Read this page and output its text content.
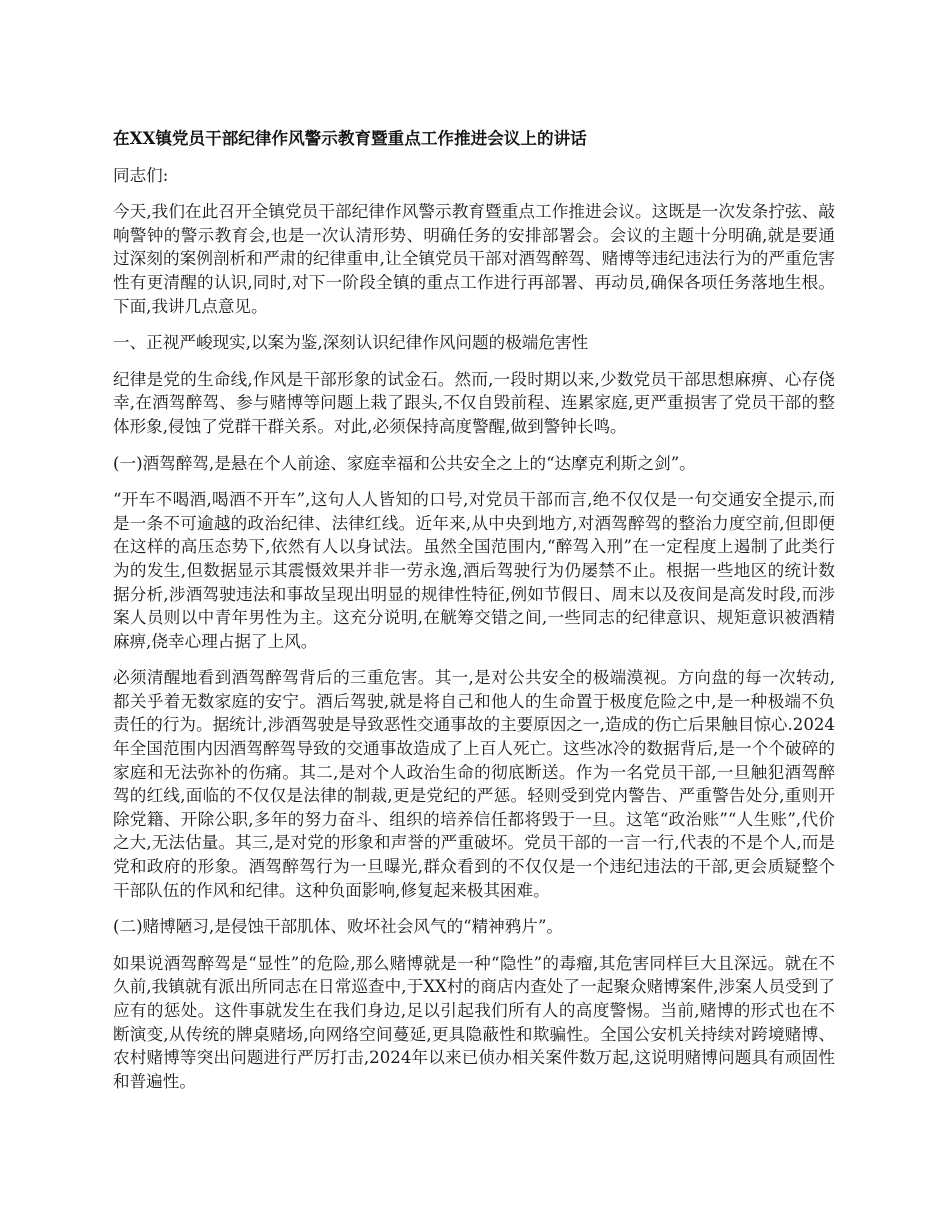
在XX镇党员干部纪律作风警示教育暨重点工作推进会议上的讲话

同志们:

今天,我们在此召开全镇党员干部纪律作风警示教育暨重点工作推进会议。这既是一次发条拧弦、敲响警钟的警示教育会,也是一次认清形势、明确任务的安排部署会。会议的主题十分明确,就是要通过深刻的案例剖析和严肃的纪律重申,让全镇党员干部对酒驾醉驾、赌博等违纪违法行为的严重危害性有更清醒的认识,同时,对下一阶段全镇的重点工作进行再部署、再动员,确保各项任务落地生根。下面,我讲几点意见。

一、正视严峻现实,以案为鉴,深刻认识纪律作风问题的极端危害性

纪律是党的生命线,作风是干部形象的试金石。然而,一段时期以来,少数党员干部思想麻痹、心存侥幸,在酒驾醉驾、参与赌博等问题上栽了跟头,不仅自毁前程、连累家庭,更严重损害了党员干部的整体形象,侵蚀了党群干群关系。对此,必须保持高度警醒,做到警钟长鸣。

(一)酒驾醉驾,是悬在个人前途、家庭幸福和公共安全之上的“达摩克利斯之剑”。

“开车不喝酒,喝酒不开车”,这句人人皆知的口号,对党员干部而言,绝不仅仅是一句交通安全提示,而是一条不可逾越的政治纪律、法律红线。近年来,从中央到地方,对酒驾醉驾的整治力度空前,但即便在这样的高压态势下,依然有人以身试法。虽然全国范围内,“醉驾入刑”在一定程度上遏制了此类行为的发生,但数据显示其震慑效果并非一劳永逸,酒后驾驶行为仍屡禁不止。根据一些地区的统计数据分析,涉酒驾驶违法和事故呈现出明显的规律性特征,例如节假日、周末以及夜间是高发时段,而涉案人员则以中青年男性为主。这充分说明,在觥筹交错之间,一些同志的纪律意识、规矩意识被酒精麻痹,侥幸心理占据了上风。

必须清醒地看到酒驾醉驾背后的三重危害。其一,是对公共安全的极端漠视。方向盘的每一次转动,都关乎着无数家庭的安宁。酒后驾驶,就是将自己和他人的生命置于极度危险之中,是一种极端不负责任的行为。据统计,涉酒驾驶是导致恶性交通事故的主要原因之一,造成的伤亡后果触目惊心.2024年全国范围内因酒驾醉驾导致的交通事故造成了上百人死亡。这些冰冷的数据背后,是一个个破碎的家庭和无法弥补的伤痛。其二,是对个人政治生命的彻底断送。作为一名党员干部,一旦触犯酒驾醉驾的红线,面临的不仅仅是法律的制裁,更是党纪的严惩。轻则受到党内警告、严重警告处分,重则开除党籍、开除公职,多年的努力奋斗、组织的培养信任都将毁于一旦。这笔“政治账”“人生账”,代价之大,无法估量。其三,是对党的形象和声誉的严重破坏。党员干部的一言一行,代表的不是个人,而是党和政府的形象。酒驾醉驾行为一旦曝光,群众看到的不仅仅是一个违纪违法的干部,更会质疑整个干部队伍的作风和纪律。这种负面影响,修复起来极其困难。

(二)赌博陋习,是侵蚀干部肌体、败坏社会风气的“精神鸦片”。

如果说酒驾醉驾是“显性”的危险,那么赌博就是一种“隐性”的毒瘤,其危害同样巨大且深远。就在不久前,我镇就有派出所同志在日常巡查中,于XX村的商店内查处了一起聚众赌博案件,涉案人员受到了应有的惩处。这件事就发生在我们身边,足以引起我们所有人的高度警惕。当前,赌博的形式也在不断演变,从传统的牌桌赌场,向网络空间蔓延,更具隐蔽性和欺骗性。全国公安机关持续对跨境赌博、农村赌博等突出问题进行严厉打击,2024年以来已侦办相关案件数万起,这说明赌博问题具有顽固性和普遍性。
